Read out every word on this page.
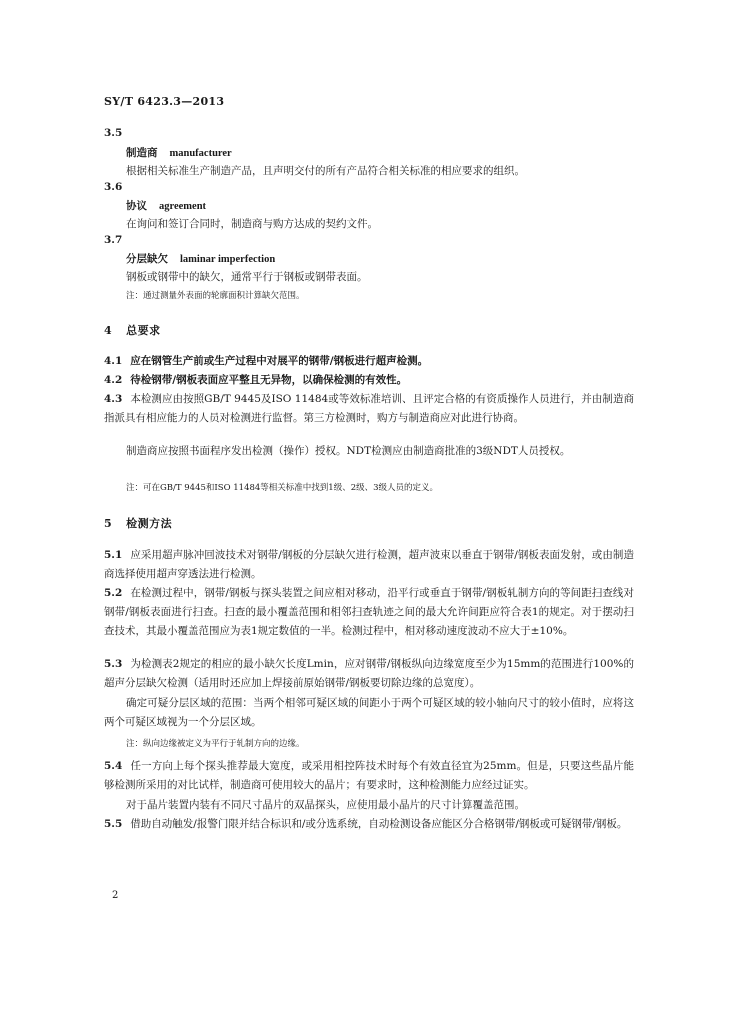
SY/T 6423.3—2013
3.5
制造商 manufacturer
根据相关标准生产制造产品，且声明交付的所有产品符合相关标准的相应要求的组织。
3.6
协议 agreement
在询问和签订合同时，制造商与购方达成的契约文件。
3.7
分层缺欠 laminar imperfection
钢板或钢带中的缺欠，通常平行于钢板或钢带表面。
注：通过测量外表面的轮廓面积计算缺欠范围。
4 总要求
4.1 应在钢管生产前或生产过程中对展平的钢带/钢板进行超声检测。
4.2 待检钢带/钢板表面应平整且无异物，以确保检测的有效性。
4.3 本检测应由按照GB/T 9445及ISO 11484或等效标准培训、且评定合格的有资质操作人员进行，并由制造商指派具有相应能力的人员对检测进行监督。第三方检测时，购方与制造商应对此进行协商。
制造商应按照书面程序发出检测（操作）授权。NDT检测应由制造商批准的3级NDT人员授权。
注：可在GB/T 9445和ISO 11484等相关标准中找到1级、2级、3级人员的定义。
5 检测方法
5.1 应采用超声脉冲回波技术对钢带/钢板的分层缺欠进行检测，超声波束以垂直于钢带/钢板表面发射，或由制造商选择使用超声穿透法进行检测。
5.2 在检测过程中，钢带/钢板与探头装置之间应相对移动，沿平行或垂直于钢带/钢板轧制方向的等间距扫查线对钢带/钢板表面进行扫查。扫查的最小覆盖范围和相邻扫查轨迹之间的最大允许间距应符合表1的规定。对于摆动扫查技术，其最小覆盖范围应为表1规定数值的一半。检测过程中，相对移动速度波动不应大于±10%。
5.3 为检测表2规定的相应的最小缺欠长度Lmin，应对钢带/钢板纵向边缘宽度至少为15mm的范围进行100%的超声分层缺欠检测（适用时还应加上焊接前原始钢带/钢板要切除边缘的总宽度）。
确定可疑分层区域的范围：当两个相邻可疑区域的间距小于两个可疑区域的较小轴向尺寸的较小值时，应将这两个可疑区域视为一个分层区域。
注：纵向边缘被定义为平行于轧制方向的边缘。
5.4 任一方向上每个探头推荐最大宽度，或采用相控阵技术时每个有效直径宜为25mm。但是，只要这些晶片能够检测所采用的对比试样，制造商可使用较大的晶片；有要求时，这种检测能力应经过证实。
对于晶片装置内装有不同尺寸晶片的双晶探头，应使用最小晶片的尺寸计算覆盖范围。
5.5 借助自动触发/报警门限并结合标识和/或分选系统，自动检测设备应能区分合格钢带/钢板或可疑钢带/钢板。
2
